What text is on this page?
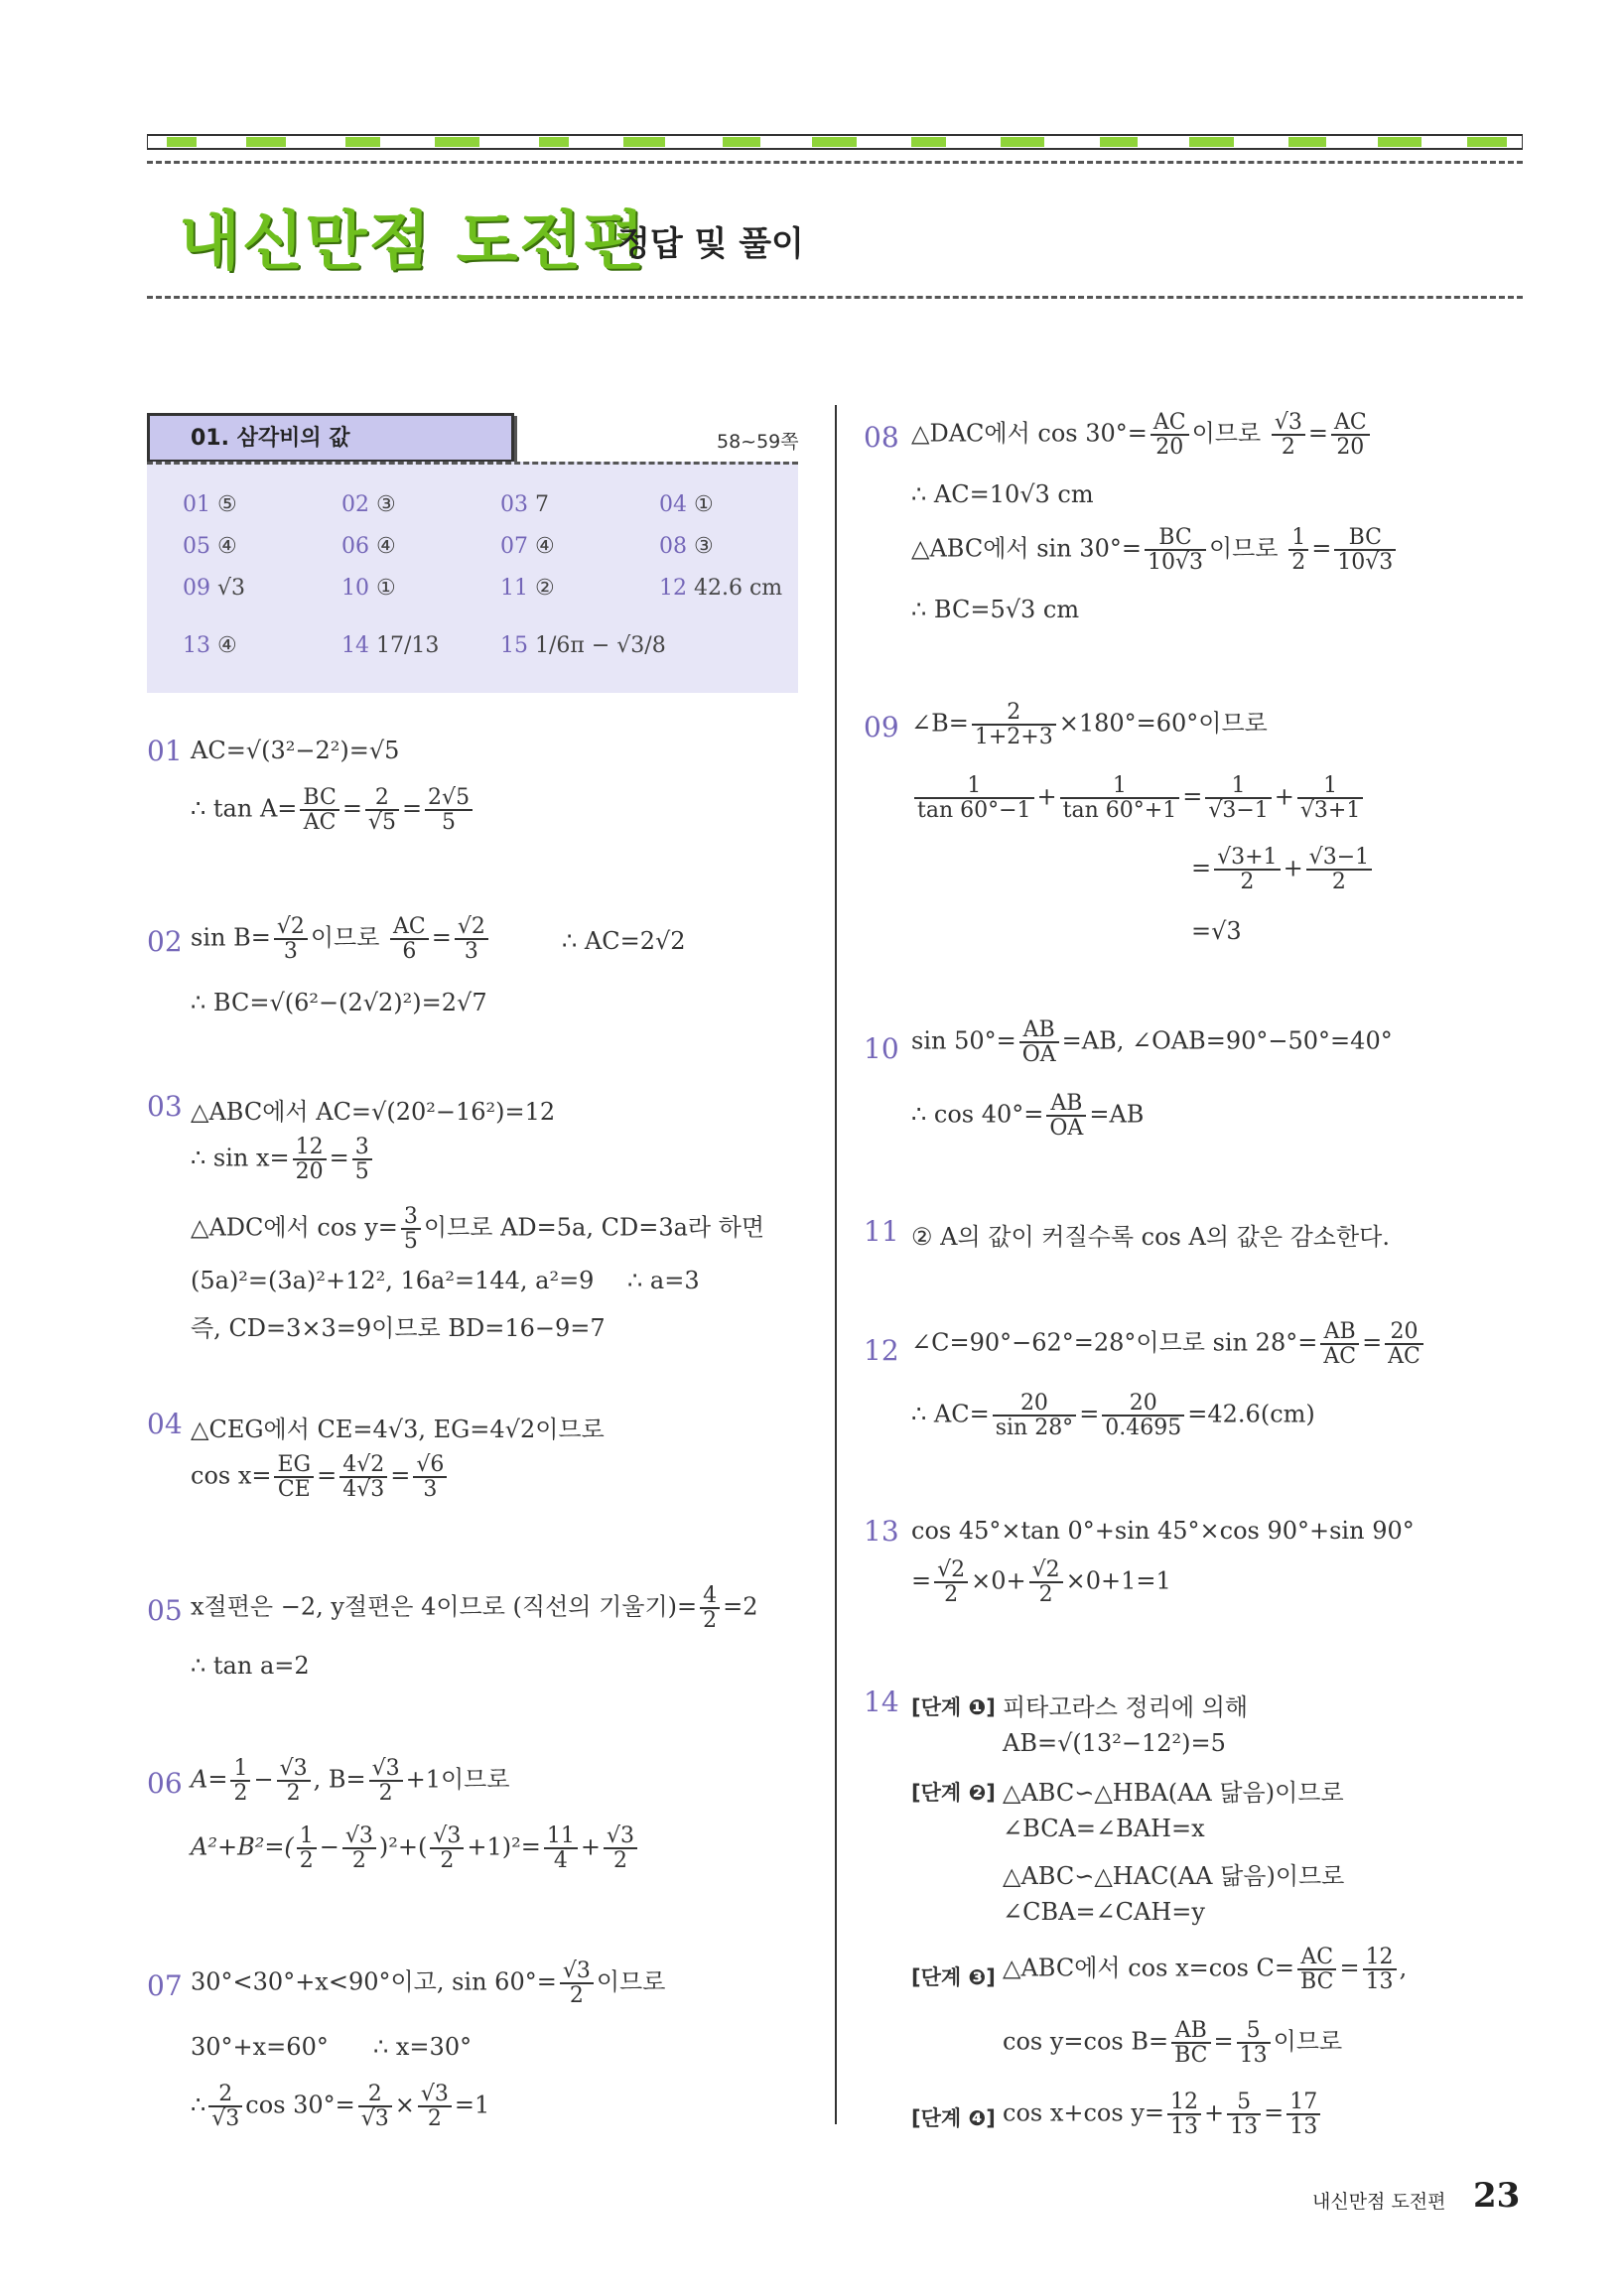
내신만점 도전편
정답 및 풀이
01. 삼각비의 값	58~59쪽
01 ⑤	02 ③	03 7	04 ①
05 ④	06 ④	07 ④	08 ③
09 √3	10 ①	11 ②	12 42.6 cm
13 ④	14 17/13	15 1/6π − √3/8
01 AC=√(3²−2²)=√5
∴ $\tan A= \frac{BC}{AC} = \frac{2}{√5} = \frac{2√5}{5}$
02 $\sin B= \frac{√2}{3}$ 이므로 $\frac{AC}{6} = \frac{√2}{3}$	∴ AC=2√2
∴ BC=√(6²−(2√2)²)=2√7
03 △ABC에서 AC=√(20²−16²)=12
∴ $\sin x= \frac{12}{20} = \frac{3}{5}$
△ADC에서 $\cos y= \frac{3}{5}$ 이므로 AD=5a, CD=3a라 하면
(5a)²=(3a)²+12², 16a²=144, a²=9 ∴ a=3
즉, CD=3×3=9이므로 BD=16−9=7
04 △CEG에서 CE=4√3, EG=4√2이므로
$\cos x= \frac{EG}{CE} = \frac{4√2}{4√3} = \frac{√6}{3}$
05 x절편은 −2, y절편은 4이므로 (직선의 기울기)= $\frac{4}{2} =2$
∴ tan a=2
06 $A= \frac{1}{2} - \frac{√3}{2}$ , $B= \frac{√3}{2} +1$이므로
$A^2+B^2=( \frac{1}{2} - \frac{√3}{2} )^2+( \frac{√3}{2} +1)^2= \frac{11}{4} + \frac{√3}{2}$
07 30°<30°+x<90°이고, $\sin 60^\circ= \frac{√3}{2}$ 이므로
30°+x=60° ∴ x=30°
∴ $\frac{2}{√3}$ $\cos 30^\circ= \frac{2}{√3} \times \frac{√3}{2} =1$
08 △DAC에서 $\cos 30^\circ= \frac{AC}{20}$ 이므로 $\frac{√3}{2} = \frac{AC}{20}$
∴ AC=10√3 cm
△ABC에서 $\sin 30^\circ= \frac{BC}{10√3}$ 이므로 $\frac{1}{2} = \frac{BC}{10√3}$
∴ BC=5√3 cm
09 ∠B= $\frac{2}{1+2+3} \times 180^\circ=60^\circ$이므로
$\frac{1}{\tan 60^\circ-1} + \frac{1}{\tan 60^\circ+1} = \frac{1}{√3-1} + \frac{1}{√3+1}$
= $\frac{√3+1}{2} + \frac{√3-1}{2}$
=√3
10 $\sin 50^\circ= \frac{AB}{OA} =AB$, ∠OAB=90°−50°=40°
∴ $\cos 40^\circ= \frac{AB}{OA} =AB$
11 ② A의 값이 커질수록 cos A의 값은 감소한다.
12 ∠C=90°−62°=28°이므로 $\sin 28^\circ= \frac{AB}{AC} = \frac{20}{AC}$
∴ $AC= \frac{20}{\sin 28^\circ} = \frac{20}{0.4695} =42.6(cm)$
13 cos 45°×tan 0°+sin 45°×cos 90°+sin 90°
= $\frac{√2}{2} \times 0+ \frac{√2}{2} \times 0+1=1$
14 [단계 ❶] 피타고라스 정리에 의해
AB=√(13²−12²)=5
[단계 ❷] △ABC∽△HBA(AA 닮음)이므로
∠BCA=∠BAH=x
△ABC∽△HAC(AA 닮음)이므로
∠CBA=∠CAH=y
[단계 ❸] △ABC에서 cos x=cos $C= \frac{AC}{BC} = \frac{12}{13}$ ,
cos y=cos $B= \frac{AB}{BC} = \frac{5}{13}$ 이므로
[단계 ❹] cos x+cos $y= \frac{12}{13} + \frac{5}{13} = \frac{17}{13}$
내신만점 도전편 23
